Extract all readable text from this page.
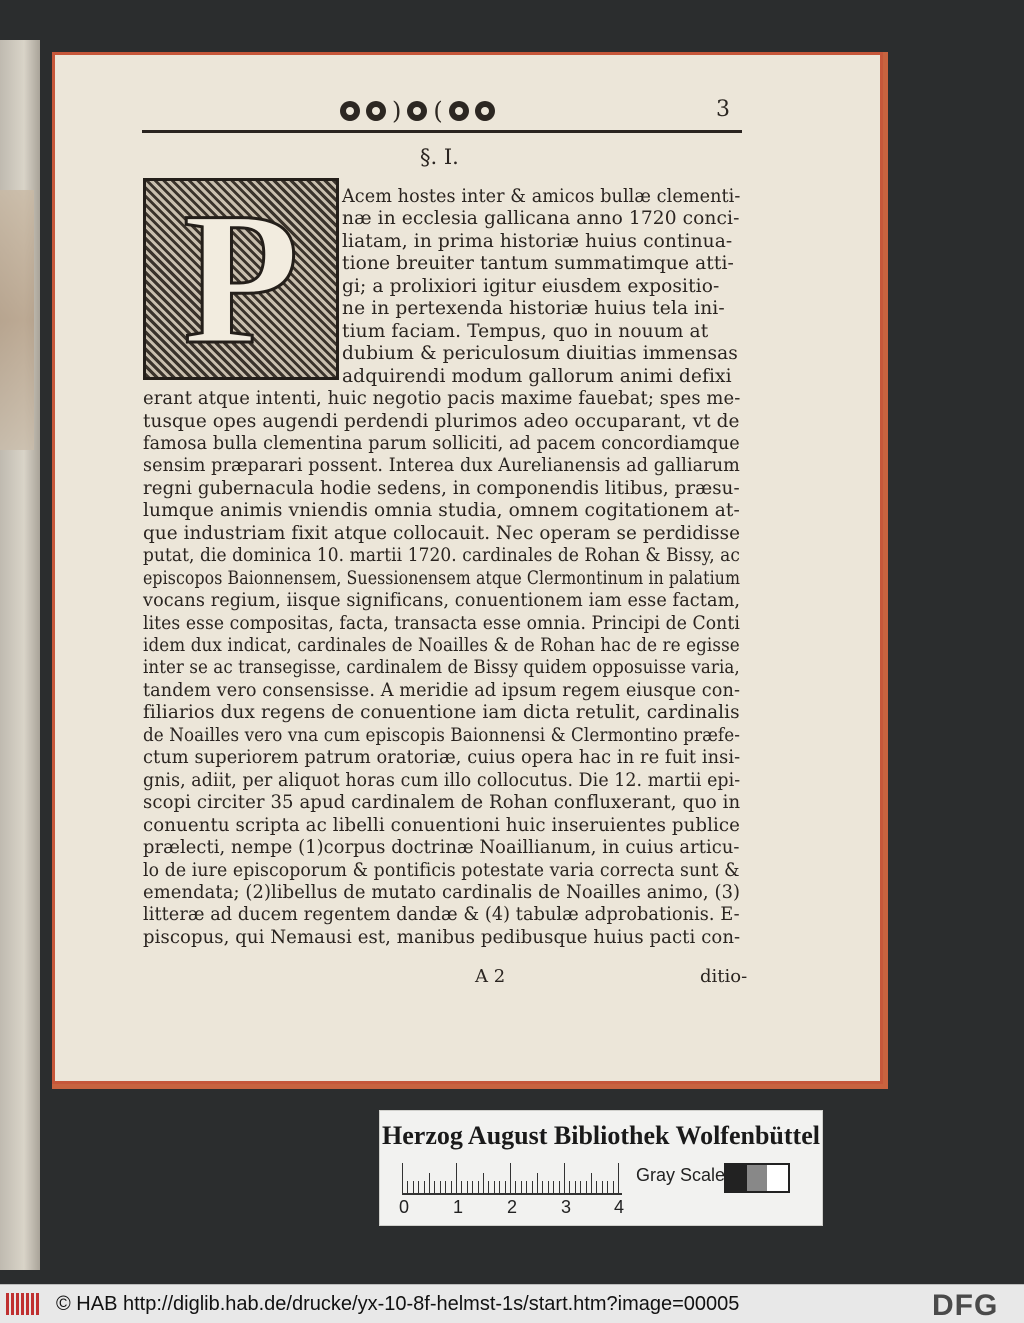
) (	3
§. I.
P Acem hostes inter & amicos bullæ clementi-
næ in ecclesia gallicana anno 1720 conci-
liatam, in prima historiæ huius continua-
tione breuiter tantum summatimque atti-
gi; a prolixiori igitur eiusdem expositio-
ne in pertexenda historiæ huius tela ini-
tium faciam. Tempus, quo in nouum at
dubium & periculosum diuitias immensas
adquirendi modum gallorum animi defixi
erant atque intenti, huic negotio pacis maxime fauebat; spes me-
tusque opes augendi perdendi plurimos adeo occuparant, vt de
famosa bulla clementina parum solliciti, ad pacem concordiamque
sensim præparari possent. Interea dux Aurelianensis ad galliarum
regni gubernacula hodie sedens, in componendis litibus, præsu-
lumque animis vniendis omnia studia, omnem cogitationem at-
que industriam fixit atque collocauit. Nec operam se perdidisse
putat, die dominica 10. martii 1720. cardinales de Rohan & Bissy, ac
episcopos Baionnensem, Suessionensem atque Clermontinum in palatium
vocans regium, iisque significans, conuentionem iam esse factam,
lites esse compositas, facta, transacta esse omnia. Principi de Conti
idem dux indicat, cardinales de Noailles & de Rohan hac de re egisse
inter se ac transegisse, cardinalem de Bissy quidem opposuisse varia,
tandem vero consensisse. A meridie ad ipsum regem eiusque con-
filiarios dux regens de conuentione iam dicta retulit, cardinalis
de Noailles vero vna cum episcopis Baionnensi & Clermontino præfe-
ctum superiorem patrum oratoriæ, cuius opera hac in re fuit insi-
gnis, adiit, per aliquot horas cum illo collocutus. Die 12. martii epi-
scopi circiter 35 apud cardinalem de Rohan confluxerant, quo in
conuentu scripta ac libelli conuentioni huic inseruientes publice
prælecti, nempe (1)corpus doctrinæ Noaillianum, in cuius articu-
lo de iure episcoporum & pontificis potestate varia correcta sunt &
emendata; (2)libellus de mutato cardinalis de Noailles animo, (3)
litteræ ad ducem regentem dandæ & (4) tabulæ adprobationis. E-
piscopus, qui Nemausi est, manibus pedibusque huius pacti con-
A 2	ditio-
Herzog August Bibliothek Wolfenbüttel
0 1 2 3 4
Gray Scale
© HAB http://diglib.hab.de/drucke/yx-10-8f-helmst-1s/start.htm?image=00005	DFG
